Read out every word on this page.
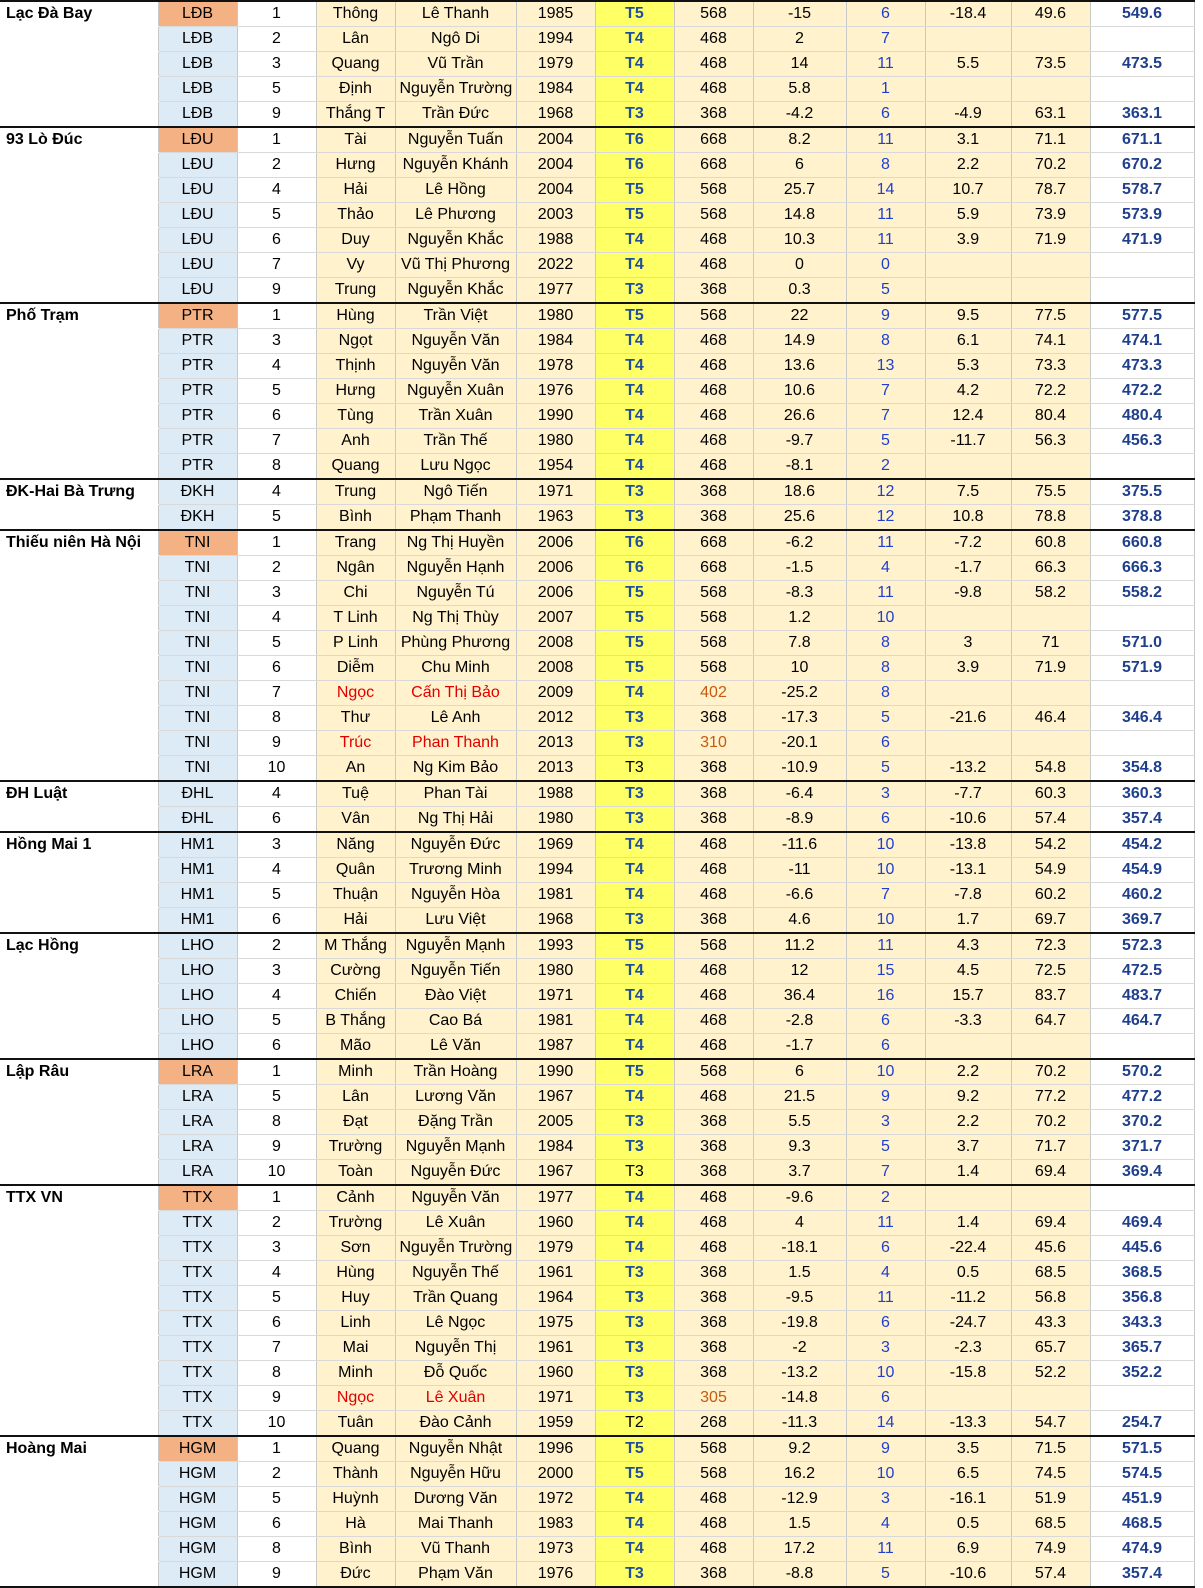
Lạc Đà Bay	LĐB	1	Thông	Lê Thanh	1985	T5	568	-15	6	-18.4	49.6	549.6
	LĐB	2	Lân	Ngô Di	1994	T4	468	2	7			
	LĐB	3	Quang	Vũ Trần	1979	T4	468	14	11	5.5	73.5	473.5
	LĐB	5	Định	Nguyễn Trường	1984	T4	468	5.8	1			
	LĐB	9	Thắng T	Trần Đức	1968	T3	368	-4.2	6	-4.9	63.1	363.1
93 Lò Đúc	LĐU	1	Tài	Nguyễn Tuấn	2004	T6	668	8.2	11	3.1	71.1	671.1
	LĐU	2	Hưng	Nguyễn Khánh	2004	T6	668	6	8	2.2	70.2	670.2
	LĐU	4	Hải	Lê Hồng	2004	T5	568	25.7	14	10.7	78.7	578.7
	LĐU	5	Thảo	Lê Phương	2003	T5	568	14.8	11	5.9	73.9	573.9
	LĐU	6	Duy	Nguyễn Khắc	1988	T4	468	10.3	11	3.9	71.9	471.9
	LĐU	7	Vy	Vũ Thị Phương	2022	T4	468	0	0			
	LĐU	9	Trung	Nguyễn Khắc	1977	T3	368	0.3	5			
Phố Trạm	PTR	1	Hùng	Trần Việt	1980	T5	568	22	9	9.5	77.5	577.5
	PTR	3	Ngọt	Nguyễn Văn	1984	T4	468	14.9	8	6.1	74.1	474.1
	PTR	4	Thịnh	Nguyễn Văn	1978	T4	468	13.6	13	5.3	73.3	473.3
	PTR	5	Hưng	Nguyễn Xuân	1976	T4	468	10.6	7	4.2	72.2	472.2
	PTR	6	Tùng	Trần Xuân	1990	T4	468	26.6	7	12.4	80.4	480.4
	PTR	7	Anh	Trần Thế	1980	T4	468	-9.7	5	-11.7	56.3	456.3
	PTR	8	Quang	Lưu Ngọc	1954	T4	468	-8.1	2			
ĐK-Hai Bà Trưng	ĐKH	4	Trung	Ngô Tiến	1971	T3	368	18.6	12	7.5	75.5	375.5
	ĐKH	5	Bình	Phạm Thanh	1963	T3	368	25.6	12	10.8	78.8	378.8
Thiếu niên Hà Nội	TNI	1	Trang	Ng Thị Huyền	2006	T6	668	-6.2	11	-7.2	60.8	660.8
	TNI	2	Ngân	Nguyễn Hạnh	2006	T6	668	-1.5	4	-1.7	66.3	666.3
	TNI	3	Chi	Nguyễn Tú	2006	T5	568	-8.3	11	-9.8	58.2	558.2
	TNI	4	T Linh	Ng Thị Thùy	2007	T5	568	1.2	10			
	TNI	5	P Linh	Phùng Phương	2008	T5	568	7.8	8	3	71	571.0
	TNI	6	Diễm	Chu Minh	2008	T5	568	10	8	3.9	71.9	571.9
	TNI	7	Ngọc	Cấn Thị Bảo	2009	T4	402	-25.2	8			
	TNI	8	Thư	Lê Anh	2012	T3	368	-17.3	5	-21.6	46.4	346.4
	TNI	9	Trúc	Phan Thanh	2013	T3	310	-20.1	6			
	TNI	10	An	Ng Kim Bảo	2013	T3	368	-10.9	5	-13.2	54.8	354.8
ĐH Luật	ĐHL	4	Tuệ	Phan Tài	1988	T3	368	-6.4	3	-7.7	60.3	360.3
	ĐHL	6	Vân	Ng Thị Hải	1980	T3	368	-8.9	6	-10.6	57.4	357.4
Hồng Mai 1	HM1	3	Năng	Nguyễn Đức	1969	T4	468	-11.6	10	-13.8	54.2	454.2
	HM1	4	Quân	Trương Minh	1994	T4	468	-11	10	-13.1	54.9	454.9
	HM1	5	Thuận	Nguyễn Hòa	1981	T4	468	-6.6	7	-7.8	60.2	460.2
	HM1	6	Hải	Lưu Việt	1968	T3	368	4.6	10	1.7	69.7	369.7
Lạc Hồng	LHO	2	M Thắng	Nguyễn Mạnh	1993	T5	568	11.2	11	4.3	72.3	572.3
	LHO	3	Cường	Nguyễn Tiến	1980	T4	468	12	15	4.5	72.5	472.5
	LHO	4	Chiến	Đào Việt	1971	T4	468	36.4	16	15.7	83.7	483.7
	LHO	5	B Thắng	Cao Bá	1981	T4	468	-2.8	6	-3.3	64.7	464.7
	LHO	6	Mão	Lê Văn	1987	T4	468	-1.7	6			
Lập Râu	LRA	1	Minh	Trần Hoàng	1990	T5	568	6	10	2.2	70.2	570.2
	LRA	5	Lân	Lương Văn	1967	T4	468	21.5	9	9.2	77.2	477.2
	LRA	8	Đạt	Đặng Trần	2005	T3	368	5.5	3	2.2	70.2	370.2
	LRA	9	Trường	Nguyễn Mạnh	1984	T3	368	9.3	5	3.7	71.7	371.7
	LRA	10	Toàn	Nguyễn Đức	1967	T3	368	3.7	7	1.4	69.4	369.4
TTX VN	TTX	1	Cảnh	Nguyễn Văn	1977	T4	468	-9.6	2			
	TTX	2	Trường	Lê Xuân	1960	T4	468	4	11	1.4	69.4	469.4
	TTX	3	Sơn	Nguyễn Trường	1979	T4	468	-18.1	6	-22.4	45.6	445.6
	TTX	4	Hùng	Nguyễn Thế	1961	T3	368	1.5	4	0.5	68.5	368.5
	TTX	5	Huy	Trần Quang	1964	T3	368	-9.5	11	-11.2	56.8	356.8
	TTX	6	Linh	Lê Ngọc	1975	T3	368	-19.8	6	-24.7	43.3	343.3
	TTX	7	Mai	Nguyễn Thị	1961	T3	368	-2	3	-2.3	65.7	365.7
	TTX	8	Minh	Đỗ Quốc	1960	T3	368	-13.2	10	-15.8	52.2	352.2
	TTX	9	Ngọc	Lê Xuân	1971	T3	305	-14.8	6			
	TTX	10	Tuân	Đào Cảnh	1959	T2	268	-11.3	14	-13.3	54.7	254.7
Hoàng Mai	HGM	1	Quang	Nguyễn Nhật	1996	T5	568	9.2	9	3.5	71.5	571.5
	HGM	2	Thành	Nguyễn Hữu	2000	T5	568	16.2	10	6.5	74.5	574.5
	HGM	5	Huỳnh	Dương Văn	1972	T4	468	-12.9	3	-16.1	51.9	451.9
	HGM	6	Hà	Mai Thanh	1983	T4	468	1.5	4	0.5	68.5	468.5
	HGM	8	Bình	Vũ Thanh	1973	T4	468	17.2	11	6.9	74.9	474.9
	HGM	9	Đức	Phạm Văn	1976	T3	368	-8.8	5	-10.6	57.4	357.4
